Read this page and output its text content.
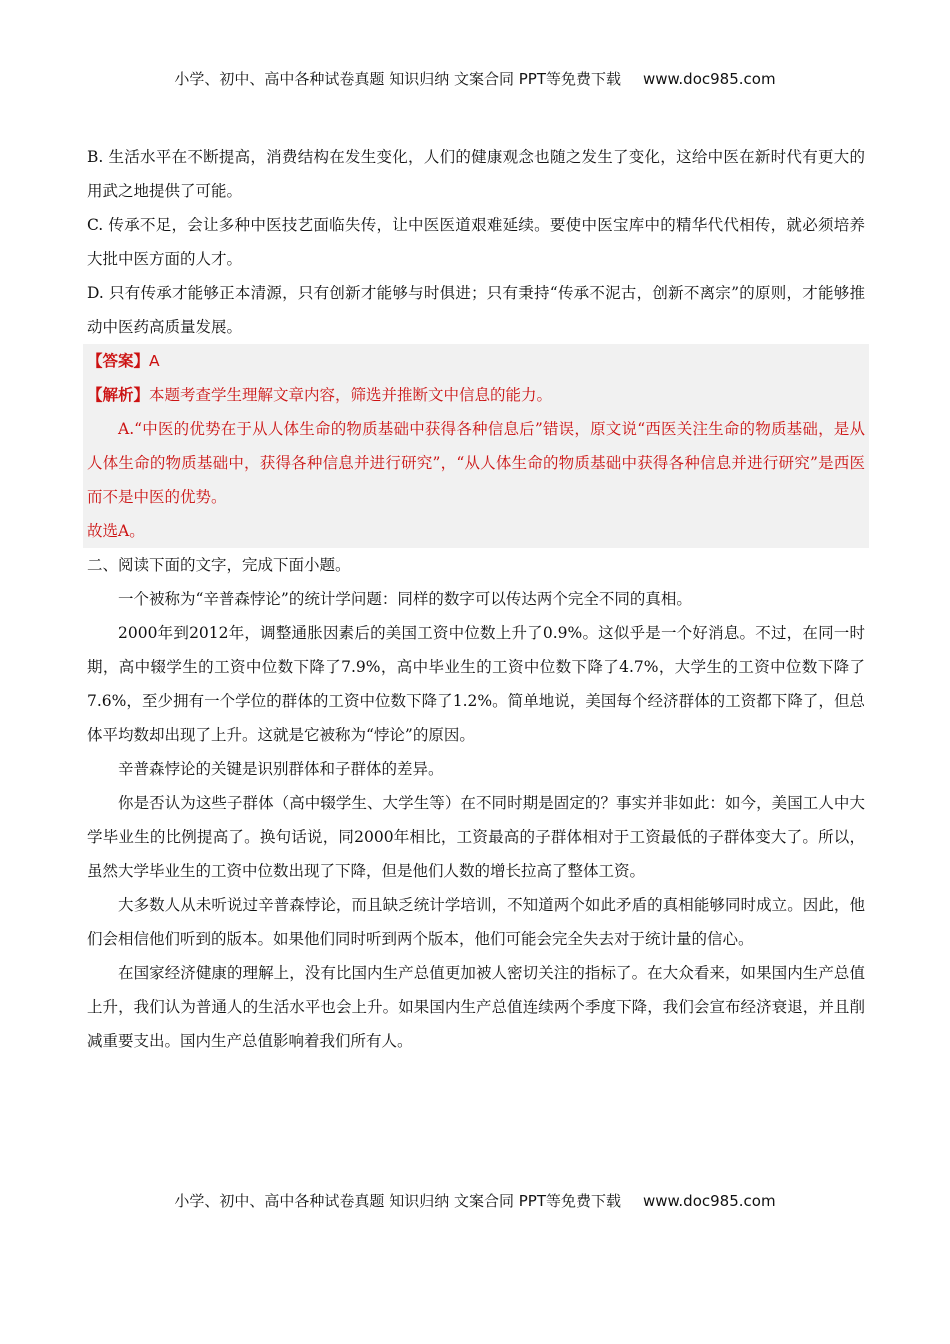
小学、初中、高中各种试卷真题 知识归纳 文案合同 PPT等免费下载 www.doc985.com

B. 生活水平在不断提高，消费结构在发生变化，人们的健康观念也随之发生了变化，这给中医在新时代有更大的用武之地提供了可能。

C. 传承不足，会让多种中医技艺面临失传，让中医医道艰难延续。要使中医宝库中的精华代代相传，就必须培养大批中医方面的人才。

D. 只有传承才能够正本清源，只有创新才能够与时俱进；只有秉持“传承不泥古，创新不离宗”的原则，才能够推动中医药高质量发展。

【答案】A

【解析】本题考查学生理解文章内容，筛选并推断文中信息的能力。

A.“中医的优势在于从人体生命的物质基础中获得各种信息后”错误，原文说“西医关注生命的物质基础，是从人体生命的物质基础中，获得各种信息并进行研究”，“从人体生命的物质基础中获得各种信息并进行研究”是西医而不是中医的优势。

故选A。

二、阅读下面的文字，完成下面小题。

一个被称为“辛普森悖论”的统计学问题：同样的数字可以传达两个完全不同的真相。

2000年到2012年，调整通胀因素后的美国工资中位数上升了0.9%。这似乎是一个好消息。不过，在同一时期，高中辍学生的工资中位数下降了7.9%，高中毕业生的工资中位数下降了4.7%，大学生的工资中位数下降了7.6%，至少拥有一个学位的群体的工资中位数下降了1.2%。简单地说，美国每个经济群体的工资都下降了，但总体平均数却出现了上升。这就是它被称为“悖论”的原因。

辛普森悖论的关键是识别群体和子群体的差异。

你是否认为这些子群体（高中辍学生、大学生等）在不同时期是固定的？事实并非如此：如今，美国工人中大学毕业生的比例提高了。换句话说，同2000年相比，工资最高的子群体相对于工资最低的子群体变大了。所以，虽然大学毕业生的工资中位数出现了下降，但是他们人数的增长拉高了整体工资。

大多数人从未听说过辛普森悖论，而且缺乏统计学培训，不知道两个如此矛盾的真相能够同时成立。因此，他们会相信他们听到的版本。如果他们同时听到两个版本，他们可能会完全失去对于统计量的信心。

在国家经济健康的理解上，没有比国内生产总值更加被人密切关注的指标了。在大众看来，如果国内生产总值上升，我们认为普通人的生活水平也会上升。如果国内生产总值连续两个季度下降，我们会宣布经济衰退，并且削减重要支出。国内生产总值影响着我们所有人。

小学、初中、高中各种试卷真题 知识归纳 文案合同 PPT等免费下载 www.doc985.com
